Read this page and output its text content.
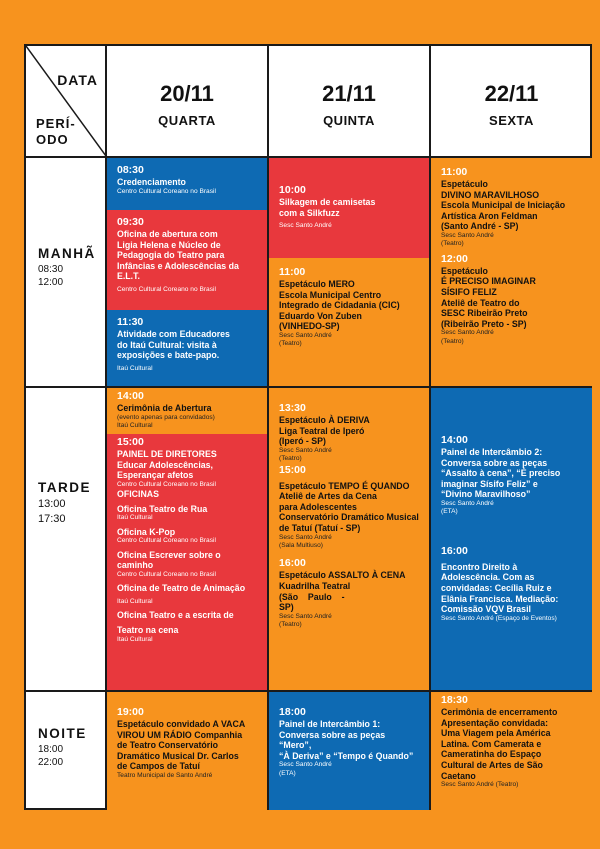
DATA
PERÍ-
ODO
20/11
QUARTA
21/11
QUINTA
22/11
SEXTA
MANHÃ
08:30
12:00
TARDE
13:00
17:30
NOITE
18:00
22:00
08:30
Credenciamento
Centro Cultural Coreano no Brasil
09:30
Oficina de abertura com
Ligia Helena e Núcleo de
Pedagogia do Teatro para
Infâncias e Adolescências da
E.L.T.
Centro Cultural Coreano no Brasil
11:30
Atividade com Educadores
do Itaú Cultural: visita à
exposições e bate-papo.
Itaú Cultural
10:00
Silkagem de camisetas
com a Silkfuzz
Sesc Santo André
11:00
Espetáculo MERO
Escola Municipal Centro
Integrado de Cidadania (CIC)
Eduardo Von Zuben
(VINHEDO-SP)
Sesc Santo André
(Teatro)
11:00
Espetáculo
DIVINO MARAVILHOSO
Escola Municipal de Iniciação
Artística Aron Feldman
(Santo André - SP)
Sesc Santo André
(Teatro)
12:00
Espetáculo
É PRECISO IMAGINAR
SÍSIFO FELIZ
Ateliê de Teatro do
SESC Ribeirão Preto
(Ribeirão Preto - SP)
Sesc Santo André
(Teatro)
14:00
Cerimônia de Abertura
(evento apenas para convidados)
Itaú Cultural
15:00
PAINEL DE DIRETORES
Educar Adolescências,
Esperançar afetos
Centro Cultural Coreano no Brasil
OFICINAS
Oficina Teatro de Rua
Itaú Cultural
Oficina K-Pop
Centro Cultural Coreano no Brasil
Oficina Escrever sobre o caminho
Centro Cultural Coreano no Brasil
Oficina de Teatro de Animação
Itaú Cultural
Oficina Teatro e a escrita de
Teatro na cena
Itaú Cultural
13:30
Espetáculo À DERIVA
Liga Teatral de Iperó
(Iperó - SP)
Sesc Santo André
(Teatro)
15:00
Espetáculo TEMPO É QUANDO
Ateliê de Artes da Cena
para Adolescentes
Conservatório Dramático Musical
de Tatuí (Tatuí - SP)
Sesc Santo André
(Sala Multiuso)
16:00
Espetáculo ASSALTO À CENA
Kuadrilha Teatral
(São    Paulo    -
SP)
Sesc Santo André
(Teatro)
14:00
Painel de Intercâmbio 2:
Conversa sobre as peças
“Assalto à cena”, “É preciso
imaginar Sísifo Feliz” e
“Divino Maravilhoso”
Sesc Santo André
(ETA)
16:00
Encontro Direito à
Adolescência. Com as
convidadas: Cecília Ruiz e
Elânia Francisca. Mediação:
Comissão VQV Brasil
Sesc Santo André (Espaço de Eventos)
19:00
Espetáculo convidado A VACA
VIROU UM RÁDIO Companhia
de Teatro Conservatório
Dramático Musical Dr. Carlos
de Campos de Tatuí
Teatro Municipal de Santo André
18:00
Painel de Intercâmbio 1:
Conversa sobre as peças “Mero”,
“À Deriva” e “Tempo é Quando”
Sesc Santo André
(ETA)
18:30
Cerimônia de encerramento
Apresentação convidada:
Uma Viagem pela América
Latina. Com Camerata e
Cameratinha do Espaço
Cultural de Artes de São
Caetano
Sesc Santo André (Teatro)
